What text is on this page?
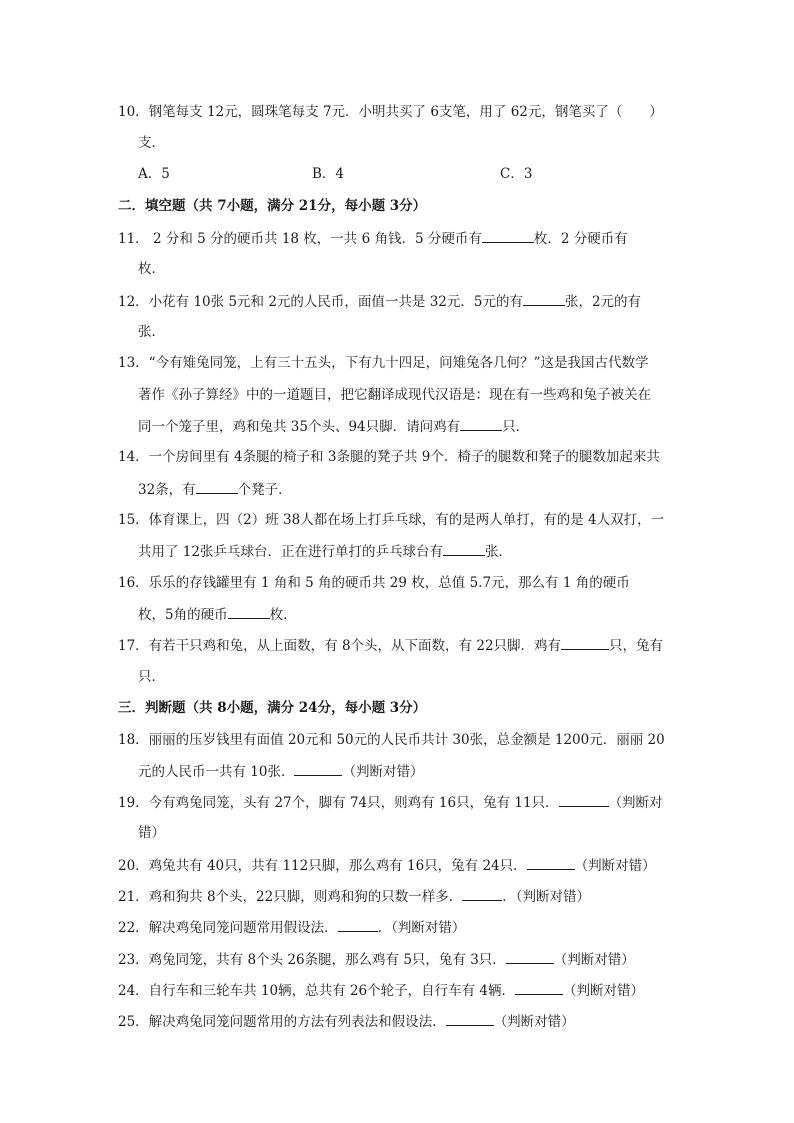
10．钢笔每支 12元，圆珠笔每支 7元．小明共买了 6支笔，用了 62元，钢笔买了（　　）
支．
A．5	B．4	C．3
二．填空题（共 7小题，满分 21分，每小题 3分）
11． 2 分和 5 分的硬币共 18 枚，一共 6 角钱．5 分硬币有	枚．2 分硬币有
枚．
12．小花有 10张 5元和 2元的人民币，面值一共是 32元．5元的有	张，2元的有
张．
13．“今有雉兔同笼，上有三十五头，下有九十四足，问雉兔各几何？”这是我国古代数学
著作《孙子算经》中的一道题目，把它翻译成现代汉语是：现在有一些鸡和兔子被关在
同一个笼子里，鸡和兔共 35个头、94只脚．请问鸡有	只．
14．一个房间里有 4条腿的椅子和 3条腿的凳子共 9个．椅子的腿数和凳子的腿数加起来共
32条，有	个凳子．
15．体育课上，四（2）班 38人都在场上打乒乓球，有的是两人单打，有的是 4人双打，一
共用了 12张乒乓球台．正在进行单打的乒乓球台有	张．
16．乐乐的存钱罐里有 1 角和 5 角的硬币共 29 枚，总值 5.7元，那么有 1 角的硬币
枚，5角的硬币	枚．
17．有若干只鸡和兔，从上面数，有 8个头，从下面数，有 22只脚．鸡有	只，兔有
只．
三．判断题（共 8小题，满分 24分，每小题 3分）
18．丽丽的压岁钱里有面值 20元和 50元的人民币共计 30张，总金额是 1200元．丽丽 20
元的人民币一共有 10张．	（判断对错）
19．今有鸡兔同笼，头有 27个，脚有 74只，则鸡有 16只，兔有 11只．	（判断对
错）
20．鸡兔共有 40只，共有 112只脚，那么鸡有 16只，兔有 24只．	（判断对错）
21．鸡和狗共 8个头，22只脚，则鸡和狗的只数一样多．	．（判断对错）
22．解决鸡兔同笼问题常用假设法．	．（判断对错）
23．鸡兔同笼，共有 8个头 26条腿，那么鸡有 5只，兔有 3只．	（判断对错）
24．自行车和三轮车共 10辆，总共有 26个轮子，自行车有 4辆．	（判断对错）
25．解决鸡兔同笼问题常用的方法有列表法和假设法．	（判断对错）
